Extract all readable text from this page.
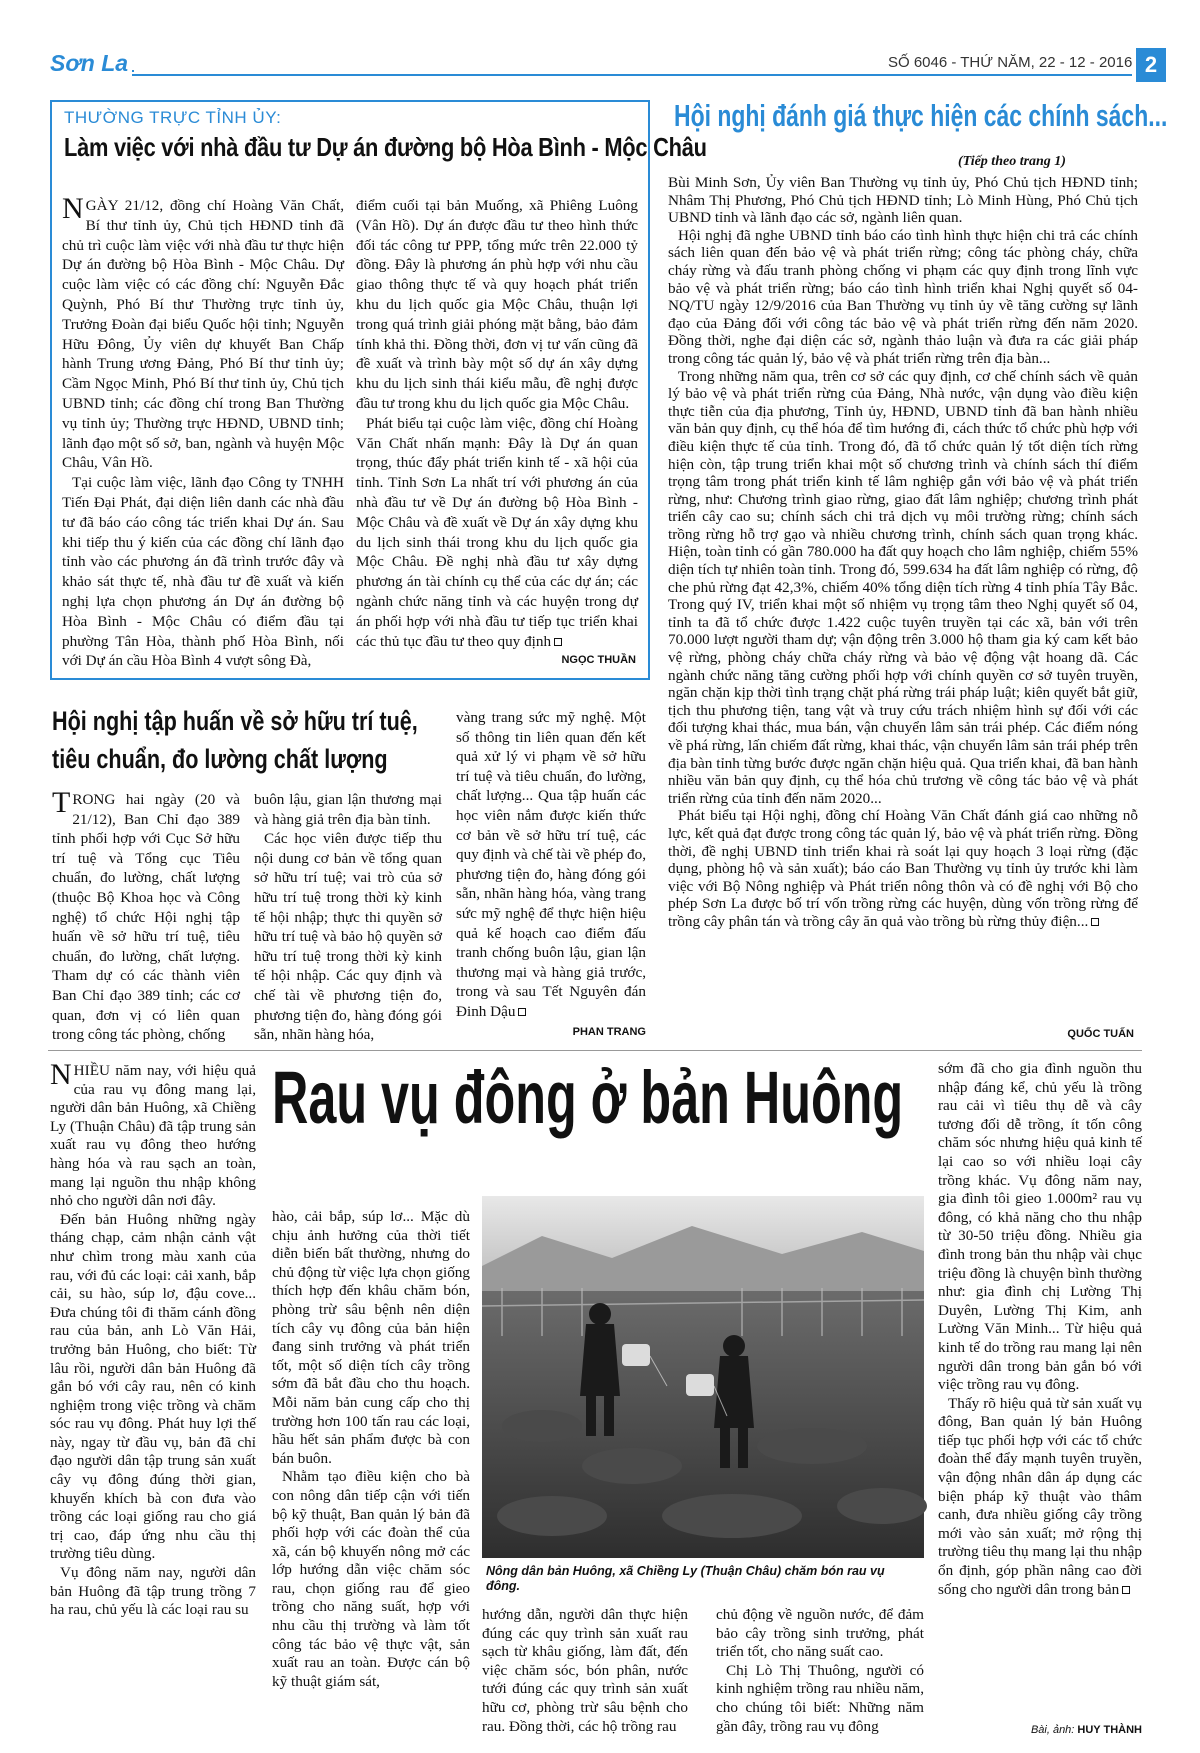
Sơn La	SỐ 6046 - THỨ NĂM, 22 - 12 - 2016 2
THƯỜNG TRỰC TỈNH ỦY:
Làm việc với nhà đầu tư Dự án đường bộ Hòa Bình - Mộc Châu

NGÀY 21/12, đồng chí Hoàng Văn Chất, Bí thư tỉnh ủy, Chủ tịch HĐND tỉnh đã chủ trì cuộc làm việc với nhà đầu tư thực hiện Dự án đường bộ Hòa Bình - Mộc Châu. Dự cuộc làm việc có các đồng chí: Nguyễn Đắc Quỳnh, Phó Bí thư Thường trực tỉnh ủy, Trưởng Đoàn đại biểu Quốc hội tỉnh; Nguyễn Hữu Đông, Ủy viên dự khuyết Ban Chấp hành Trung ương Đảng, Phó Bí thư tỉnh ủy; Cầm Ngọc Minh, Phó Bí thư tỉnh ủy, Chủ tịch UBND tỉnh; các đồng chí trong Ban Thường vụ tỉnh ủy; Thường trực HĐND, UBND tỉnh; lãnh đạo một số sở, ban, ngành và huyện Mộc Châu, Vân Hồ.

Tại cuộc làm việc, lãnh đạo Công ty TNHH Tiến Đại Phát, đại diện liên danh các nhà đầu tư đã báo cáo công tác triển khai Dự án. Sau khi tiếp thu ý kiến của các đồng chí lãnh đạo tỉnh vào các phương án đã trình trước đây và khảo sát thực tế, nhà đầu tư đề xuất và kiến nghị lựa chọn phương án Dự án đường bộ Hòa Bình - Mộc Châu có điểm đầu tại phường Tân Hòa, thành phố Hòa Bình, nối với Dự án cầu Hòa Bình 4 vượt sông Đà,

điểm cuối tại bản Muống, xã Phiêng Luông (Vân Hồ). Dự án được đầu tư theo hình thức đối tác công tư PPP, tổng mức trên 22.000 tỷ đồng. Đây là phương án phù hợp với nhu cầu giao thông thực tế và quy hoạch phát triển khu du lịch quốc gia Mộc Châu, thuận lợi trong quá trình giải phóng mặt bằng, bảo đảm tính khả thi. Đồng thời, đơn vị tư vấn cũng đã đề xuất và trình bày một số dự án xây dựng khu du lịch sinh thái kiểu mẫu, đề nghị được đầu tư trong khu du lịch quốc gia Mộc Châu.

Phát biểu tại cuộc làm việc, đồng chí Hoàng Văn Chất nhấn mạnh: Đây là Dự án quan trọng, thúc đẩy phát triển kinh tế - xã hội của tỉnh. Tỉnh Sơn La nhất trí với phương án của nhà đầu tư về Dự án đường bộ Hòa Bình - Mộc Châu và đề xuất về Dự án xây dựng khu du lịch sinh thái trong khu du lịch quốc gia Mộc Châu. Đề nghị nhà đầu tư xây dựng phương án tài chính cụ thể của các dự án; các ngành chức năng tỉnh và các huyện trong dự án phối hợp với nhà đầu tư tiếp tục triển khai các thủ tục đầu tư theo quy định

NGỌC THUẦN
Hội nghị đánh giá thực hiện các chính sách...
(Tiếp theo trang 1)

Bùi Minh Sơn, Ủy viên Ban Thường vụ tỉnh ủy, Phó Chủ tịch HĐND tỉnh; Nhâm Thị Phương, Phó Chủ tịch HĐND tỉnh; Lò Minh Hùng, Phó Chủ tịch UBND tỉnh và lãnh đạo các sở, ngành liên quan.

Hội nghị đã nghe UBND tỉnh báo cáo tình hình thực hiện chi trả các chính sách liên quan đến bảo vệ và phát triển rừng; công tác phòng cháy, chữa cháy rừng và đấu tranh phòng chống vi phạm các quy định trong lĩnh vực bảo vệ và phát triển rừng; báo cáo tình hình triển khai Nghị quyết số 04-NQ/TU ngày 12/9/2016 của Ban Thường vụ tỉnh ủy về tăng cường sự lãnh đạo của Đảng đối với công tác bảo vệ và phát triển rừng đến năm 2020. Đồng thời, nghe đại diện các sở, ngành thảo luận và đưa ra các giải pháp trong công tác quản lý, bảo vệ và phát triển rừng trên địa bàn...

Trong những năm qua, trên cơ sở các quy định, cơ chế chính sách về quản lý bảo vệ và phát triển rừng của Đảng, Nhà nước, vận dụng vào điều kiện thực tiễn của địa phương, Tỉnh ủy, HĐND, UBND tỉnh đã ban hành nhiều văn bản quy định, cụ thể hóa để tìm hướng đi, cách thức tổ chức phù hợp với điều kiện thực tế của tỉnh. Trong đó, đã tổ chức quản lý tốt diện tích rừng hiện còn, tập trung triển khai một số chương trình và chính sách thí điểm trọng tâm trong phát triển kinh tế lâm nghiệp gắn với bảo vệ và phát triển rừng, như: Chương trình giao rừng, giao đất lâm nghiệp; chương trình phát triển cây cao su; chính sách chi trả dịch vụ môi trường rừng; chính sách trồng rừng hỗ trợ gạo và nhiều chương trình, chính sách quan trọng khác. Hiện, toàn tỉnh có gần 780.000 ha đất quy hoạch cho lâm nghiệp, chiếm 55% diện tích tự nhiên toàn tỉnh. Trong đó, 599.634 ha đất lâm nghiệp có rừng, độ che phủ rừng đạt 42,3%, chiếm 40% tổng diện tích rừng 4 tỉnh phía Tây Bắc. Trong quý IV, triển khai một số nhiệm vụ trọng tâm theo Nghị quyết số 04, tỉnh ta đã tổ chức được 1.422 cuộc tuyên truyền tại các xã, bản với trên 70.000 lượt người tham dự; vận động trên 3.000 hộ tham gia ký cam kết bảo vệ rừng, phòng cháy chữa cháy rừng và bảo vệ động vật hoang dã. Các ngành chức năng tăng cường phối hợp với chính quyền cơ sở tuyên truyền, ngăn chặn kịp thời tình trạng chặt phá rừng trái pháp luật; kiên quyết bắt giữ, tịch thu phương tiện, tang vật và truy cứu trách nhiệm hình sự đối với các đối tượng khai thác, mua bán, vận chuyển lâm sản trái phép. Các điểm nóng về phá rừng, lấn chiếm đất rừng, khai thác, vận chuyển lâm sản trái phép trên địa bàn tỉnh từng bước được ngăn chặn hiệu quả. Qua triển khai, đã ban hành nhiều văn bản quy định, cụ thể hóa chủ trương về công tác bảo vệ và phát triển rừng của tỉnh đến năm 2020...

Phát biểu tại Hội nghị, đồng chí Hoàng Văn Chất đánh giá cao những nỗ lực, kết quả đạt được trong công tác quản lý, bảo vệ và phát triển rừng. Đồng thời, đề nghị UBND tỉnh triển khai rà soát lại quy hoạch 3 loại rừng (đặc dụng, phòng hộ và sản xuất); báo cáo Ban Thường vụ tỉnh ủy trước khi làm việc với Bộ Nông nghiệp và Phát triển nông thôn và có đề nghị với Bộ cho phép Sơn La được bố trí vốn trồng rừng các huyện, dùng vốn trồng rừng để trồng cây phân tán và trồng cây ăn quả vào trồng bù rừng thủy điện...

QUỐC TUẤN
Hội nghị tập huấn về sở hữu trí tuệ,
tiêu chuẩn, đo lường chất lượng

TRONG hai ngày (20 và 21/12), Ban Chỉ đạo 389 tỉnh phối hợp với Cục Sở hữu trí tuệ và Tổng cục Tiêu chuẩn, đo lường, chất lượng (thuộc Bộ Khoa học và Công nghệ) tổ chức Hội nghị tập huấn về sở hữu trí tuệ, tiêu chuẩn, đo lường, chất lượng. Tham dự có các thành viên Ban Chỉ đạo 389 tỉnh; các cơ quan, đơn vị có liên quan trong công tác phòng, chống

buôn lậu, gian lận thương mại và hàng giả trên địa bàn tỉnh.

Các học viên được tiếp thu nội dung cơ bản về tổng quan sở hữu trí tuệ; vai trò của sở hữu trí tuệ trong thời kỳ kinh tế hội nhập; thực thi quyền sở hữu trí tuệ và bảo hộ quyền sở hữu trí tuệ trong thời kỳ kinh tế hội nhập. Các quy định và chế tài về phương tiện đo, phương tiện đo, hàng đóng gói sẵn, nhãn hàng hóa,

vàng trang sức mỹ nghệ. Một số thông tin liên quan đến kết quả xử lý vi phạm về sở hữu trí tuệ và tiêu chuẩn, đo lường, chất lượng... Qua tập huấn các học viên nắm được kiến thức cơ bản về sở hữu trí tuệ, các quy định và chế tài về phép đo, phương tiện đo, hàng đóng gói sẵn, nhãn hàng hóa, vàng trang sức mỹ nghệ để thực hiện hiệu quả kế hoạch cao điểm đấu tranh chống buôn lậu, gian lận thương mại và hàng giả trước, trong và sau Tết Nguyên đán Đinh Dậu

PHAN TRANG
Rau vụ đông ở bản Huông

NHIỀU năm nay, với hiệu quả của rau vụ đông mang lại, người dân bản Huông, xã Chiềng Ly (Thuận Châu) đã tập trung sản xuất rau vụ đông theo hướng hàng hóa và rau sạch an toàn, mang lại nguồn thu nhập không nhỏ cho người dân nơi đây.

Đến bản Huông những ngày tháng chạp, cảm nhận cảnh vật như chìm trong màu xanh của rau, với đủ các loại: cải xanh, bắp cải, su hào, súp lơ, đậu cove... Đưa chúng tôi đi thăm cánh đồng rau của bản, anh Lò Văn Hải, trưởng bản Huông, cho biết: Từ lâu rồi, người dân bản Huông đã gắn bó với cây rau, nên có kinh nghiệm trong việc trồng và chăm sóc rau vụ đông. Phát huy lợi thế này, ngay từ đầu vụ, bản đã chỉ đạo người dân tập trung sản xuất cây vụ đông đúng thời gian, khuyến khích bà con đưa vào trồng các loại giống rau cho giá trị cao, đáp ứng nhu cầu thị trường tiêu dùng.

Vụ đông năm nay, người dân bản Huông đã tập trung trồng 7 ha rau, chủ yếu là các loại rau su

hào, cải bắp, súp lơ... Mặc dù chịu ảnh hưởng của thời tiết diễn biến bất thường, nhưng do chủ động từ việc lựa chọn giống thích hợp đến khâu chăm bón, phòng trừ sâu bệnh nên diện tích cây vụ đông của bản hiện đang sinh trưởng và phát triển tốt, một số diện tích cây trồng sớm đã bắt đầu cho thu hoạch. Mỗi năm bản cung cấp cho thị trường hơn 100 tấn rau các loại, hầu hết sản phẩm được bà con bán buôn.

Nhằm tạo điều kiện cho bà con nông dân tiếp cận với tiến bộ kỹ thuật, Ban quản lý bản đã phối hợp với các đoàn thể của xã, cán bộ khuyến nông mở các lớp hướng dẫn việc chăm sóc rau, chọn giống rau để gieo trồng cho năng suất, hợp với nhu cầu thị trường và làm tốt công tác bảo vệ thực vật, sản xuất rau an toàn. Được cán bộ kỹ thuật giám sát,

Nông dân bản Huông, xã Chiềng Ly (Thuận Châu) chăm bón rau vụ đông.

hướng dẫn, người dân thực hiện đúng các quy trình sản xuất rau sạch từ khâu giống, làm đất, đến việc chăm sóc, bón phân, nước tưới đúng các quy trình sản xuất hữu cơ, phòng trừ sâu bệnh cho rau. Đồng thời, các hộ trồng rau

chủ động về nguồn nước, để đảm bảo cây trồng sinh trưởng, phát triển tốt, cho năng suất cao.

Chị Lò Thị Thuông, người có kinh nghiệm trồng rau nhiều năm, cho chúng tôi biết: Những năm gần đây, trồng rau vụ đông

sớm đã cho gia đình nguồn thu nhập đáng kể, chủ yếu là trồng rau cải vì tiêu thụ dễ và cây tương đối dễ trồng, ít tốn công chăm sóc nhưng hiệu quả kinh tế lại cao so với nhiều loại cây trồng khác. Vụ đông năm nay, gia đình tôi gieo 1.000m² rau vụ đông, có khả năng cho thu nhập từ 30-50 triệu đồng. Nhiều gia đình trong bản thu nhập vài chục triệu đồng là chuyện bình thường như: gia đình chị Lường Thị Duyên, Lường Thị Kim, anh Lường Văn Minh... Từ hiệu quả kinh tế do trồng rau mang lại nên người dân trong bản gắn bó với việc trồng rau vụ đông.

Thấy rõ hiệu quả từ sản xuất vụ đông, Ban quản lý bản Huông tiếp tục phối hợp với các tổ chức đoàn thể đẩy mạnh tuyên truyền, vận động nhân dân áp dụng các biện pháp kỹ thuật vào thâm canh, đưa nhiều giống cây trồng mới vào sản xuất; mở rộng thị trường tiêu thụ mang lại thu nhập ổn định, góp phần nâng cao đời sống cho người dân trong bản

Bài, ảnh: HUY THÀNH
